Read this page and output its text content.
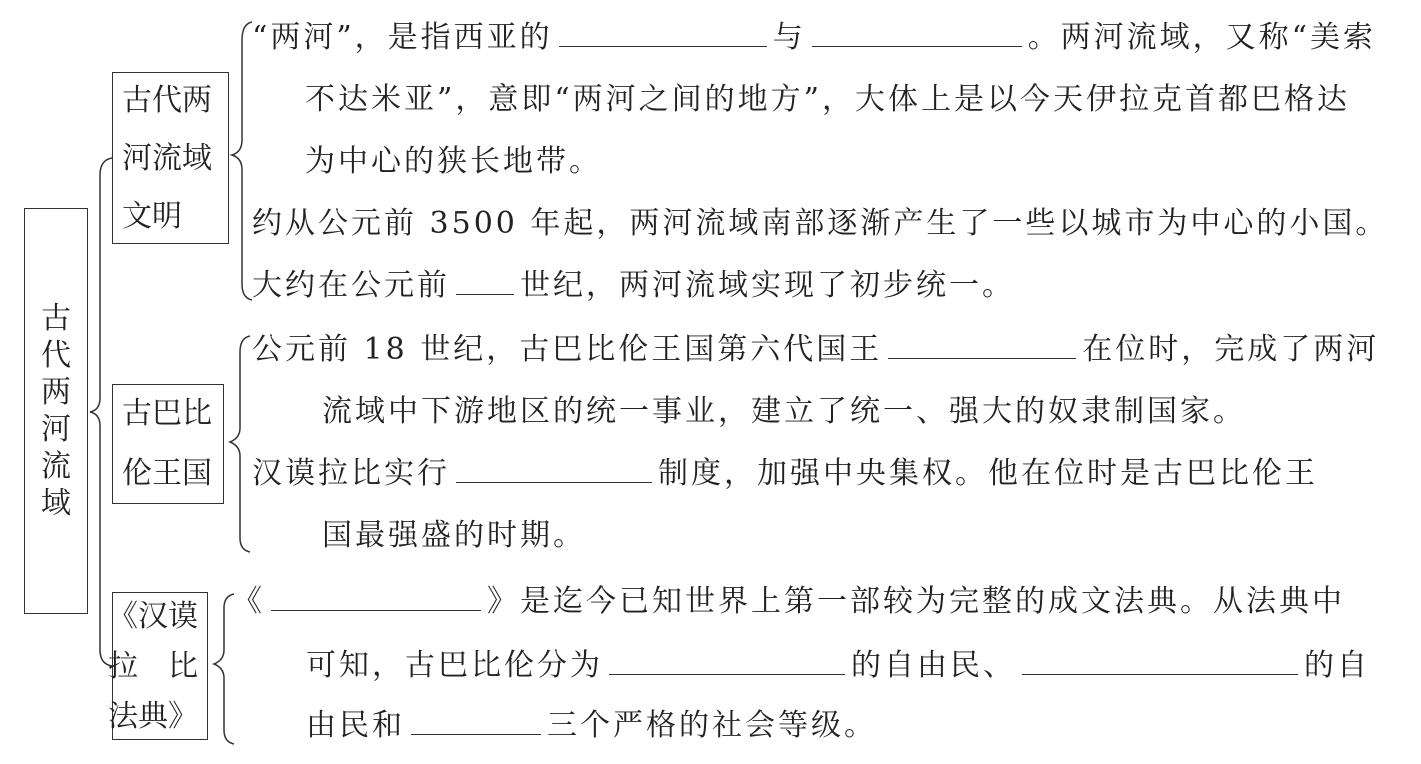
古代两河流域
古代两
河流域
文明
古巴比
伦王国
《汉谟
拉　比
法典》
“两河”，是指西亚的	与	。两河流域，又称“美索
不达米亚”，意即“两河之间的地方”，大体上是以今天伊拉克首都巴格达
为中心的狭长地带。
约从公元前 3500 年起，两河流域南部逐渐产生了一些以城市为中心的小国。
大约在公元前 世纪，两河流域实现了初步统一。
公元前 18 世纪，古巴比伦王国第六代国王	在位时，完成了两河
流域中下游地区的统一事业，建立了统一、强大的奴隶制国家。
汉谟拉比实行	制度，加强中央集权。他在位时是古巴比伦王
国最强盛的时期。
《	》是迄今已知世界上第一部较为完整的成文法典。从法典中
可知，古巴比伦分为	的自由民、	的自
由民和	三个严格的社会等级。
